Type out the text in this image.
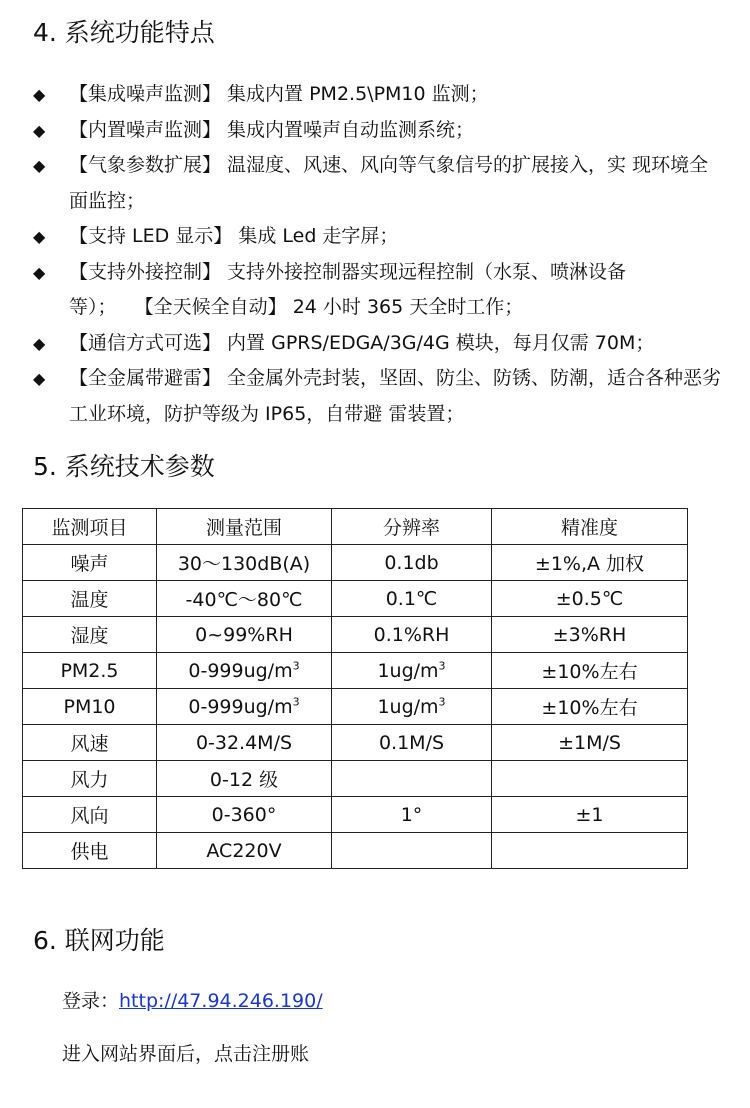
4. 系统功能特点
◆ 【集成噪声监测】 集成内置 PM2.5\PM10 监测；
◆ 【内置噪声监测】 集成内置噪声自动监测系统；
◆ 【气象参数扩展】 温湿度、风速、风向等气象信号的扩展接入，实 现环境全面监控；
◆ 【支持 LED 显示】 集成 Led 走字屏；
◆ 【支持外接控制】 支持外接控制器实现远程控制（水泵、喷淋设备等）； 【全天候全自动】 24 小时 365 天全时工作；
◆ 【通信方式可选】 内置 GPRS/EDGA/3G/4G 模块，每月仅需 70M；
◆ 【全金属带避雷】 全金属外壳封装，坚固、防尘、防锈、防潮，适合各种恶劣工业环境，防护等级为 IP65，自带避 雷装置；
5. 系统技术参数
监测项目	测量范围	分辨率	精准度
噪声	30～130dB(A)	0.1db	±1%,A 加权
温度	-40℃～80℃	0.1℃	±0.5℃
湿度	0~99%RH	0.1%RH	±3%RH
PM2.5	$0-999ug/m^3$	$1ug/m^3$	±10%左右
PM10	$0-999ug/m^3$	$1ug/m^3$	±10%左右
风速	0-32.4M/S	0.1M/S	±1M/S
风力	0-12 级		
风向	0-360°	1°	±1
供电	AC220V		
6. 联网功能

登录：http://47.94.246.190/

进入网站界面后，点击注册账
